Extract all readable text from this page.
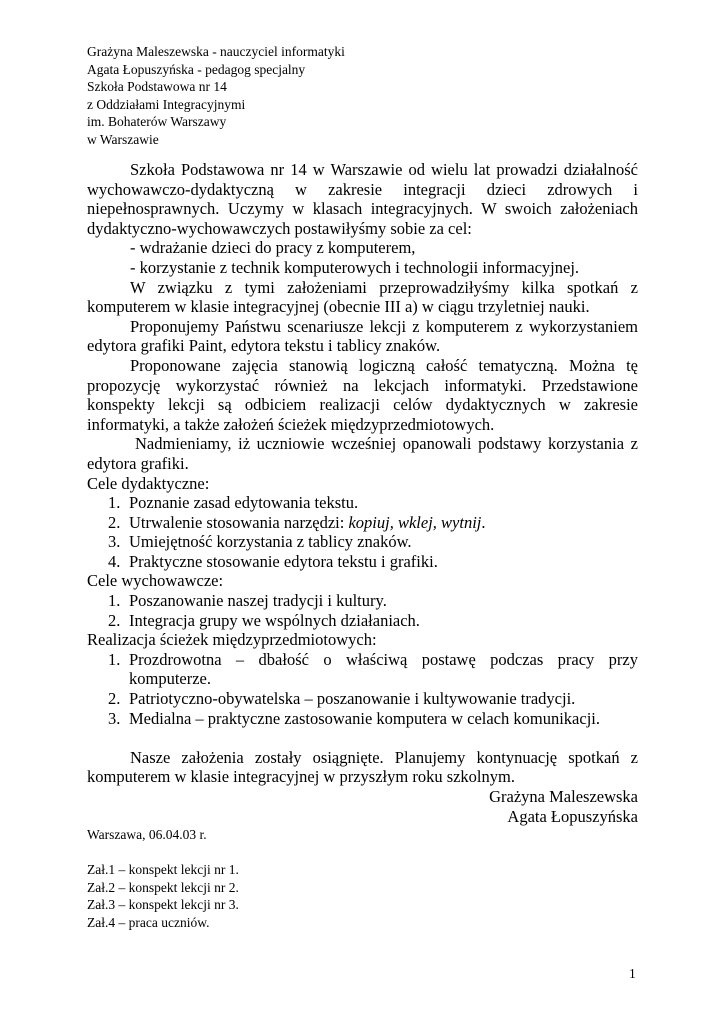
Grażyna Maleszewska - nauczyciel informatyki
Agata Łopuszyńska - pedagog specjalny
Szkoła Podstawowa nr 14
z Oddziałami Integracyjnymi
im. Bohaterów Warszawy
w Warszawie

Szkoła Podstawowa nr 14 w Warszawie od wielu lat prowadzi działalność wychowawczo-dydaktyczną w zakresie integracji dzieci zdrowych i niepełnosprawnych. Uczymy w klasach integracyjnych. W swoich założeniach dydaktyczno-wychowawczych postawiłyśmy sobie za cel:

- wdrażanie dzieci do pracy z komputerem,

- korzystanie z technik komputerowych i technologii informacyjnej.

W związku z tymi założeniami przeprowadziłyśmy kilka spotkań z komputerem w klasie integracyjnej (obecnie III a) w ciągu trzyletniej nauki.

Proponujemy Państwu scenariusze lekcji z komputerem z wykorzystaniem edytora grafiki Paint, edytora tekstu i tablicy znaków.

Proponowane zajęcia stanowią logiczną całość tematyczną. Można tę propozycję wykorzystać również na lekcjach informatyki. Przedstawione konspekty lekcji są odbiciem realizacji celów dydaktycznych w zakresie informatyki, a także założeń ścieżek międzyprzedmiotowych.

Nadmieniamy, iż uczniowie wcześniej opanowali podstawy korzystania z edytora grafiki.

Cele dydaktyczne:

1. Poznanie zasad edytowania tekstu.
2. Utrwalenie stosowania narzędzi: kopiuj, wklej, wytnij.
3. Umiejętność korzystania z tablicy znaków.
4. Praktyczne stosowanie edytora tekstu i grafiki.

Cele wychowawcze:

1. Poszanowanie naszej tradycji i kultury.
2. Integracja grupy we wspólnych działaniach.

Realizacja ścieżek międzyprzedmiotowych:

1. Prozdrowotna – dbałość o właściwą postawę podczas pracy przy komputerze.
2. Patriotyczno-obywatelska – poszanowanie i kultywowanie tradycji.
3. Medialna – praktyczne zastosowanie komputera w celach komunikacji.

Nasze założenia zostały osiągnięte. Planujemy kontynuację spotkań z komputerem w klasie integracyjnej w przyszłym roku szkolnym.

Grażyna Maleszewska

Agata Łopuszyńska

Warszawa, 06.04.03 r.
Zał.1 – konspekt lekcji nr 1.
Zał.2 – konspekt lekcji nr 2.
Zał.3 – konspekt lekcji nr 3.
Zał.4 – praca uczniów.
1
